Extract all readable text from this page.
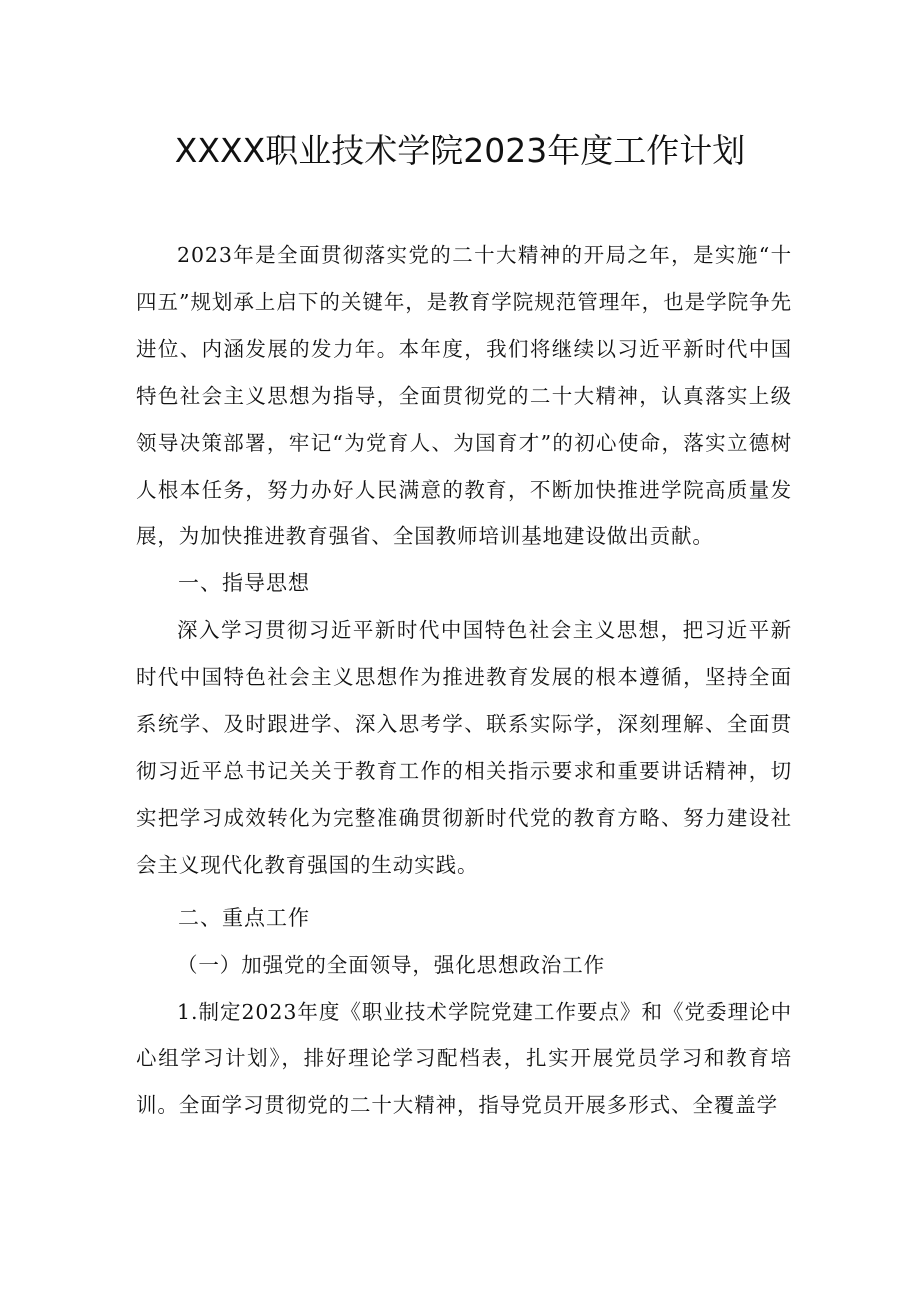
XXXX职业技术学院2023年度工作计划

2023年是全面贯彻落实党的二十大精神的开局之年，是实施“十四五”规划承上启下的关键年，是教育学院规范管理年，也是学院争先进位、内涵发展的发力年。本年度，我们将继续以习近平新时代中国特色社会主义思想为指导，全面贯彻党的二十大精神，认真落实上级领导决策部署，牢记“为党育人、为国育才”的初心使命，落实立德树人根本任务，努力办好人民满意的教育，不断加快推进学院高质量发展，为加快推进教育强省、全国教师培训基地建设做出贡献。

一、指导思想

深入学习贯彻习近平新时代中国特色社会主义思想，把习近平新时代中国特色社会主义思想作为推进教育发展的根本遵循，坚持全面系统学、及时跟进学、深入思考学、联系实际学，深刻理解、全面贯彻习近平总书记关关于教育工作的相关指示要求和重要讲话精神，切实把学习成效转化为完整准确贯彻新时代党的教育方略、努力建设社会主义现代化教育强国的生动实践。

二、重点工作

（一）加强党的全面领导，强化思想政治工作

1.制定2023年度《职业技术学院党建工作要点》和《党委理论中心组学习计划》，排好理论学习配档表，扎实开展党员学习和教育培训。全面学习贯彻党的二十大精神，指导党员开展多形式、全覆盖学
